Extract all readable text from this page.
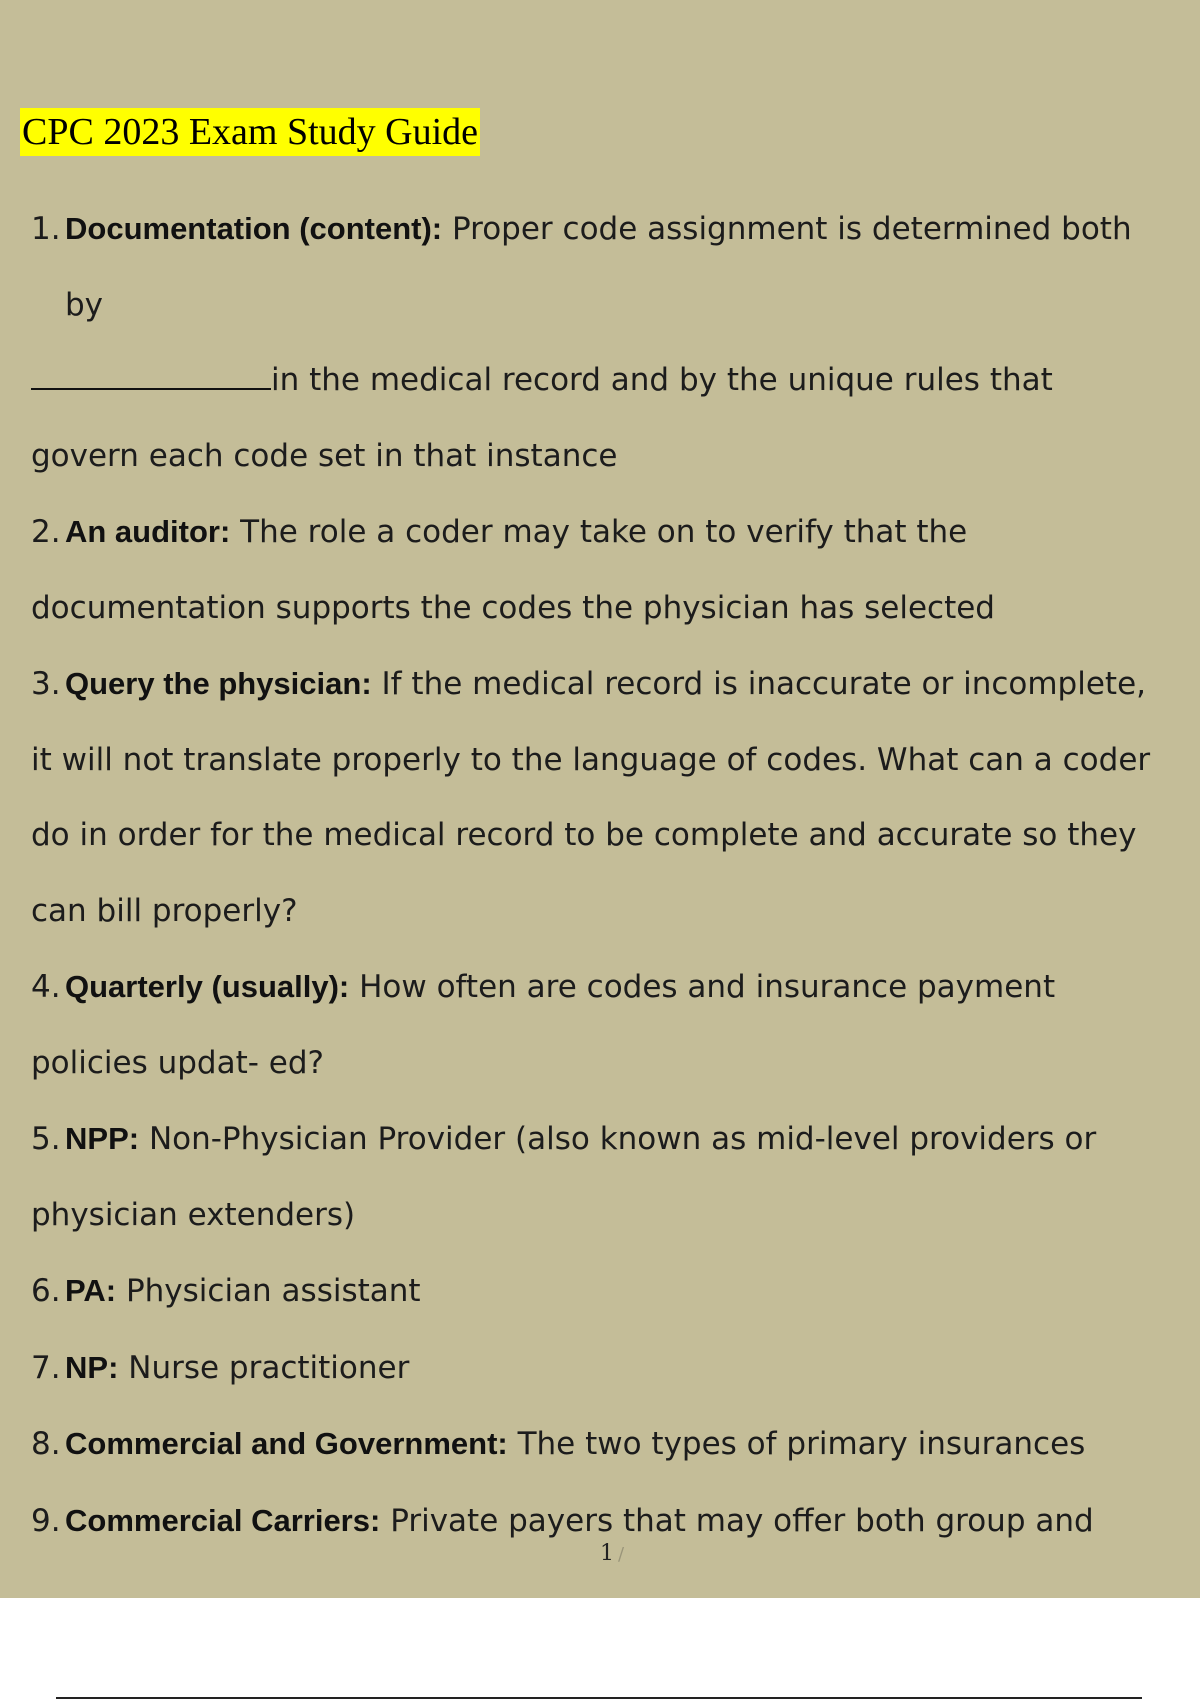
CPC 2023 Exam Study Guide
1. Documentation (content): Proper code assignment is determined both
by
in the medical record and by the unique rules that
govern each code set in that instance
2. An auditor: The role a coder may take on to verify that the
documentation supports the codes the physician has selected
3. Query the physician: If the medical record is inaccurate or incomplete,
it will not translate properly to the language of codes. What can a coder
do in order for the medical record to be complete and accurate so they
can bill properly?
4. Quarterly (usually): How often are codes and insurance payment
policies updat- ed?
5. NPP: Non-Physician Provider (also known as mid-level providers or
physician extenders)
6. PA: Physician assistant
7. NP: Nurse practitioner
8. Commercial and Government: The two types of primary insurances
9. Commercial Carriers: Private payers that may offer both group and
1 /
